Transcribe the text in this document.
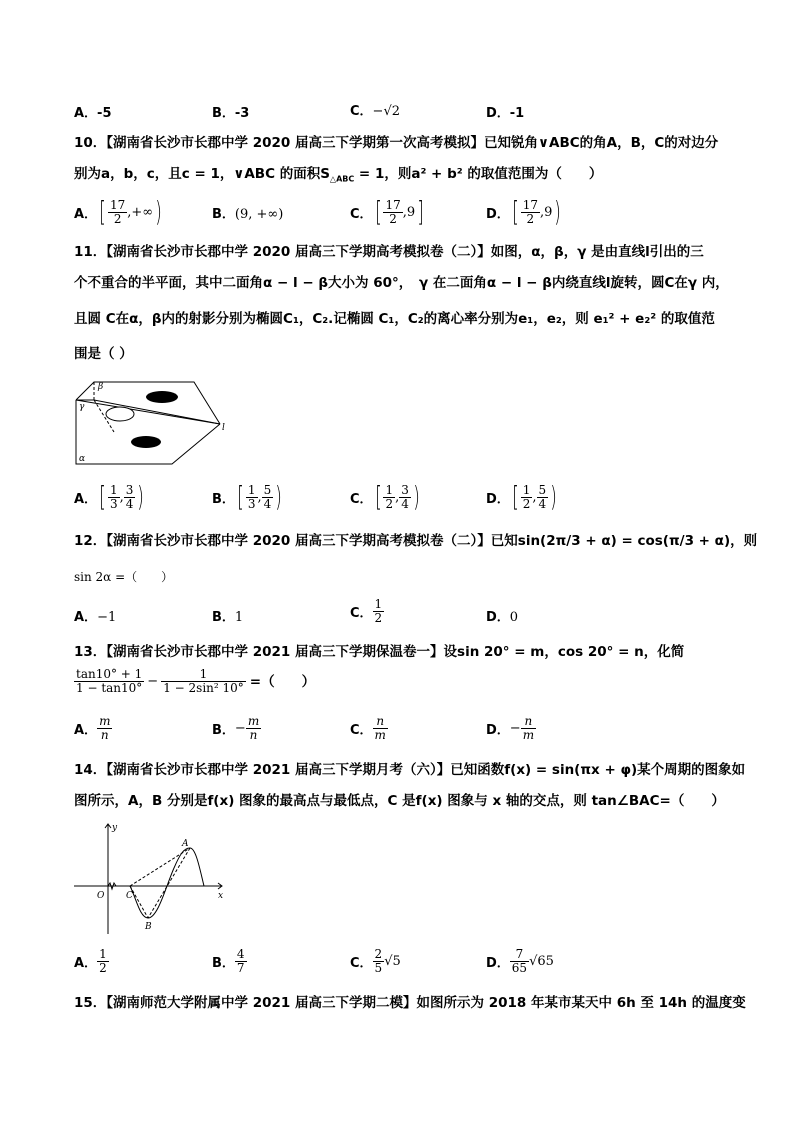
A．-5	B．-3	C．−√2	D．-1
10．【湖南省长沙市长郡中学 2020 届高三下学期第一次高考模拟】已知锐角∨ABC的角A，B，C的对边分
别为a，b，c，且c = 1，∨ABC 的面积$S_{\triangle ABC} = 1$，则a² + b² 的取值范围为（　　）
A． [ $\frac{17}{2}$ ,+∞ )	B．(9, +∞)	C． [ $\frac{17}{2} ,9$ ]	D． [ $\frac{17}{2} ,9$ )
11．【湖南省长沙市长郡中学 2020 届高三下学期高考模拟卷（二）】如图，α，β，γ 是由直线l引出的三
个不重合的半平面，其中二面角α − l − β大小为 60°，　γ 在二面角α − l − β内绕直线l旋转，圆C在γ 内，
且圆 C在α，β内的射影分别为椭圆C₁，C₂.记椭圆 C₁，C₂的离心率分别为e₁，e₂，则 e₁² + e₂² 的取值范
围是（ ）
β
γ
α
l
A． [ $\frac{1}{3}$ , $\frac{3}{4}$ )	B． [ $\frac{1}{3}$ , $\frac{5}{4}$ )	C． [ $\frac{1}{2}$ , $\frac{3}{4}$ )	D． [ $\frac{1}{2}$ , $\frac{5}{4}$ )
12．【湖南省长沙市长郡中学 2020 届高三下学期高考模拟卷（二）】已知sin(2π/3 + α) = cos(π/3 + α)，则
sin 2α =（　　）
A．−1	B．1	C． $\frac{1}{2}$	D．0
13．【湖南省长沙市长郡中学 2021 届高三下学期保温卷一】设sin 20° = m，cos 20° = n，化简
$\frac{\tan 10^\circ + 1}{1 - \tan 10^\circ} - \frac{1}{\text{1 − 2sin² 10°}}$ =（　　）
A． $\frac{m}{n}$	B． − $\frac{m}{n}$	C． $\frac{n}{m}$	D． − $\frac{n}{m}$
14．【湖南省长沙市长郡中学 2021 届高三下学期月考（六）】已知函数f(x) = sin(πx + φ)某个周期的图象如
图所示，A，B 分别是f(x) 图象的最高点与最低点，C 是f(x) 图象与 x 轴的交点，则 tan∠BAC=（　　）
y
x
O C
A
B
A． $\frac{1}{2}$	B． $\frac{4}{7}$	C． $\frac{2}{5} √5$	D． $\frac{7}{65} √65$
15．【湖南师范大学附属中学 2021 届高三下学期二模】如图所示为 2018 年某市某天中 6h 至 14h 的温度变
